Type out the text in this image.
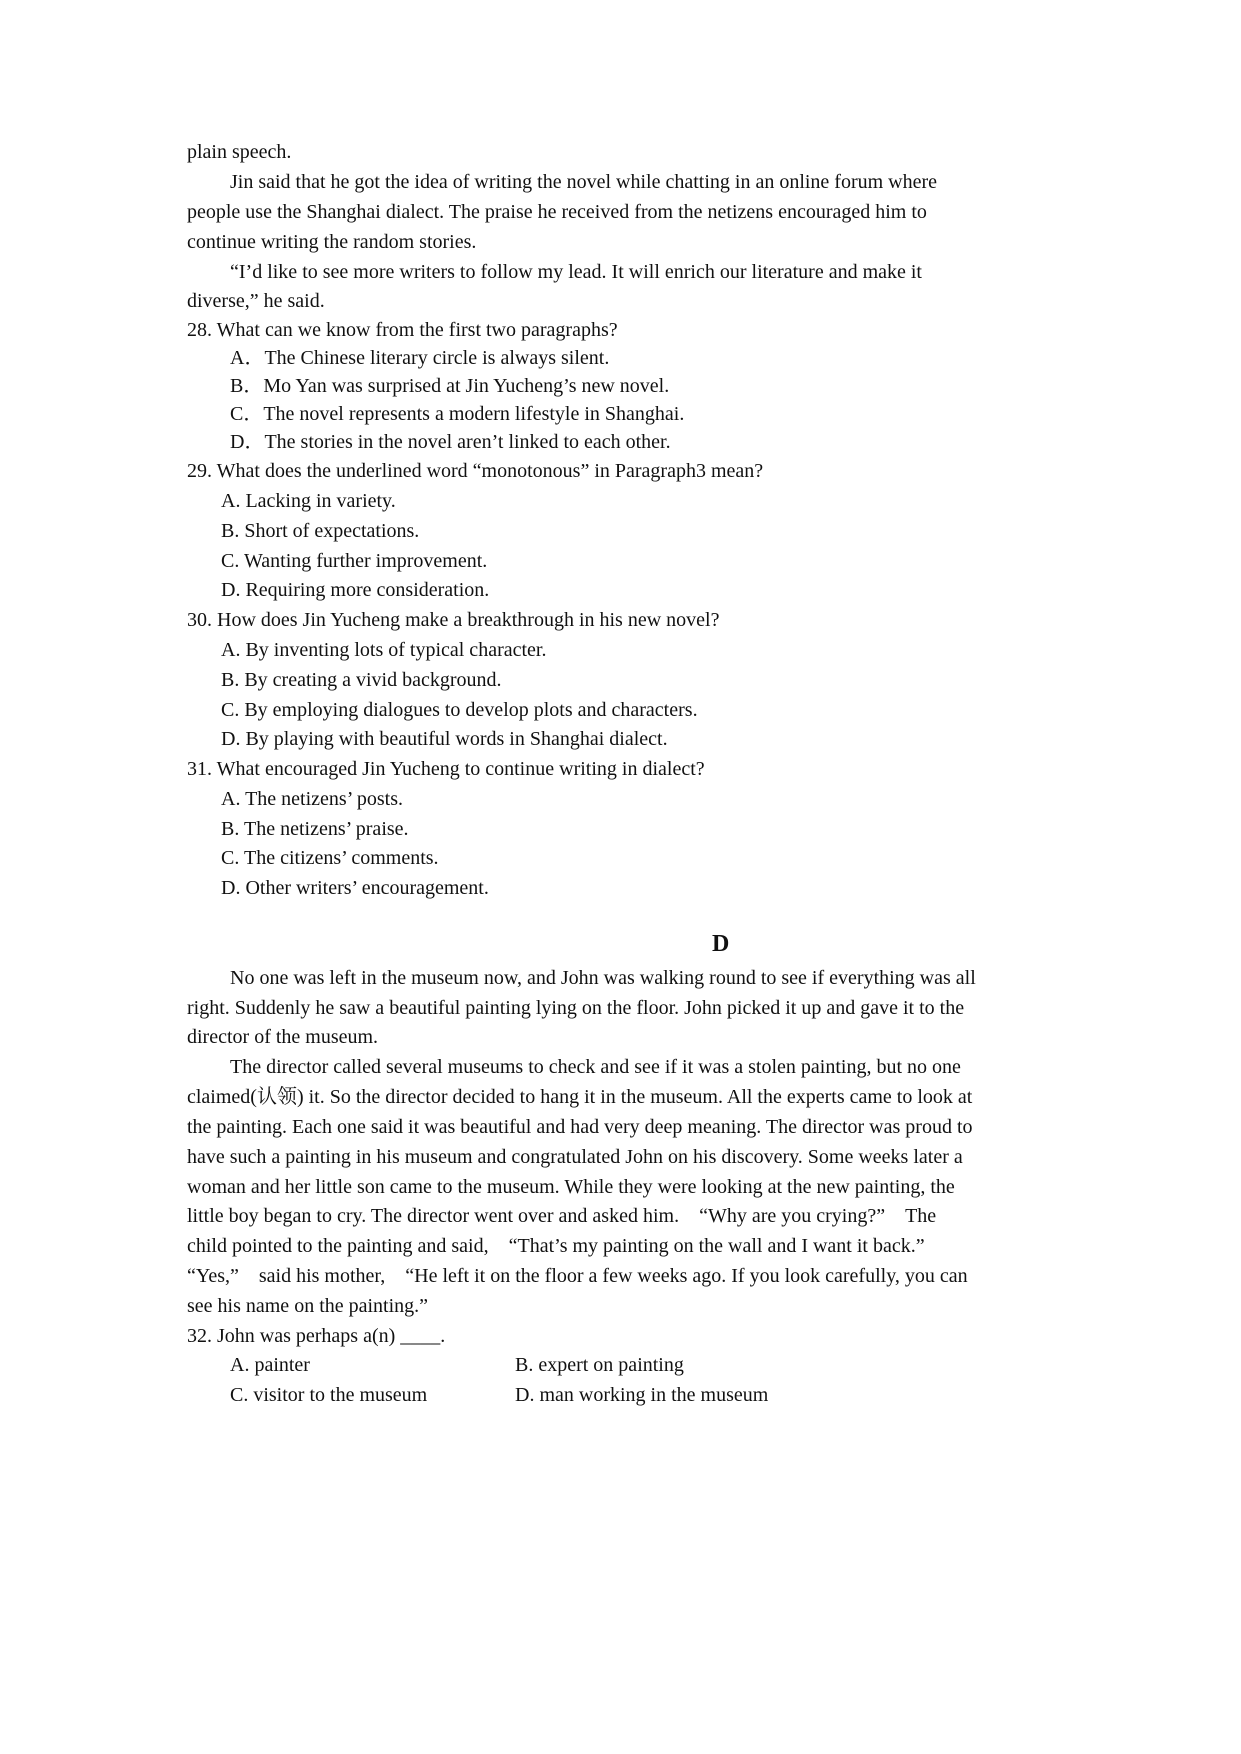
plain speech.
Jin said that he got the idea of writing the novel while chatting in an online forum where
people use the Shanghai dialect. The praise he received from the netizens encouraged him to
continue writing the random stories.
“I’d like to see more writers to follow my lead. It will enrich our literature and make it
diverse,” he said.
28. What can we know from the first two paragraphs?
A．The Chinese literary circle is always silent.
B．Mo Yan was surprised at Jin Yucheng’s new novel.
C．The novel represents a modern lifestyle in Shanghai.
D．The stories in the novel aren’t linked to each other.
29. What does the underlined word “monotonous” in Paragraph3 mean?
A. Lacking in variety.
B. Short of expectations.
C. Wanting further improvement.
D. Requiring more consideration.
30. How does Jin Yucheng make a breakthrough in his new novel?
A. By inventing lots of typical character.
B. By creating a vivid background.
C. By employing dialogues to develop plots and characters.
D. By playing with beautiful words in Shanghai dialect.
31. What encouraged Jin Yucheng to continue writing in dialect?
A. The netizens’ posts.
B. The netizens’ praise.
C. The citizens’ comments.
D. Other writers’ encouragement.
D
No one was left in the museum now, and John was walking round to see if everything was all
right. Suddenly he saw a beautiful painting lying on the floor. John picked it up and gave it to the
director of the museum.
The director called several museums to check and see if it was a stolen painting, but no one
claimed(认领) it. So the director decided to hang it in the museum. All the experts came to look at
the painting. Each one said it was beautiful and had very deep meaning. The director was proud to
have such a painting in his museum and congratulated John on his discovery. Some weeks later a
woman and her little son came to the museum. While they were looking at the new painting, the
little boy began to cry. The director went over and asked him.　“Why are you crying?”　The
child pointed to the painting and said,　“That’s my painting on the wall and I want it back.”
“Yes,”　said his mother,　“He left it on the floor a few weeks ago. If you look carefully, you can
see his name on the painting.”
32. John was perhaps a(n) ____.
A. painter	B. expert on painting
C. visitor to the museum	D. man working in the museum
